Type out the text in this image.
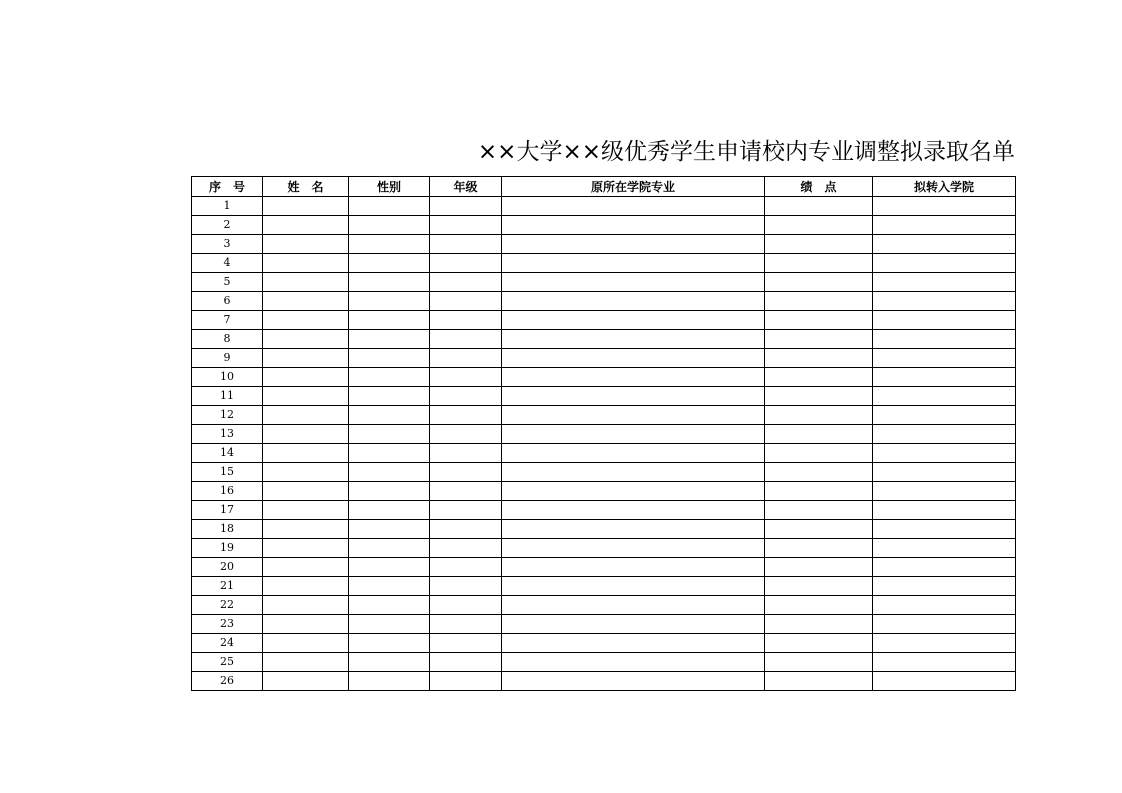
××大学××级优秀学生申请校内专业调整拟录取名单
序　号	姓　名	性别	年级	原所在学院专业	绩　点	拟转入学院
1						
2						
3						
4						
5						
6						
7						
8						
9						
10						
11						
12						
13						
14						
15						
16						
17						
18						
19						
20						
21						
22						
23						
24						
25						
26						
